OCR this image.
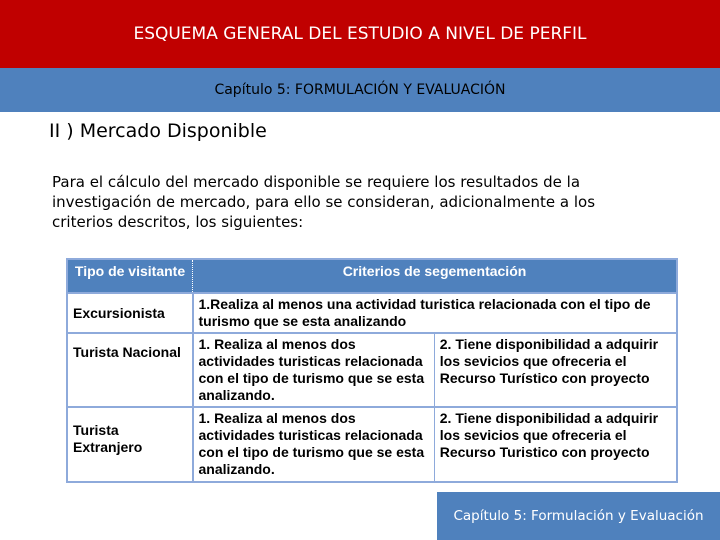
ESQUEMA GENERAL DEL ESTUDIO A NIVEL DE PERFIL
Capítulo 5: FORMULACIÓN Y EVALUACIÓN
II ) Mercado Disponible
Para el cálculo del mercado disponible se requiere los resultados de la investigación de mercado, para ello se consideran, adicionalmente a los criterios descritos, los siguientes:
Tipo de visitante	Criterios de segementación	
Excursionista	1.Realiza al menos una actividad turistica relacionada con el tipo de turismo que se esta analizando	
Turista Nacional	1. Realiza al menos dos actividades turisticas relacionada con el tipo de turismo que se esta analizando.	2. Tiene disponibilidad a adquirir los sevicios que ofreceria el Recurso Turístico con proyecto
Turista Extranjero	1. Realiza al menos dos actividades turisticas relacionada con el tipo de turismo que se esta analizando.	2. Tiene disponibilidad a adquirir los sevicios que ofreceria el Recurso Turistico con proyecto
Capítulo 5: Formulación y Evaluación
